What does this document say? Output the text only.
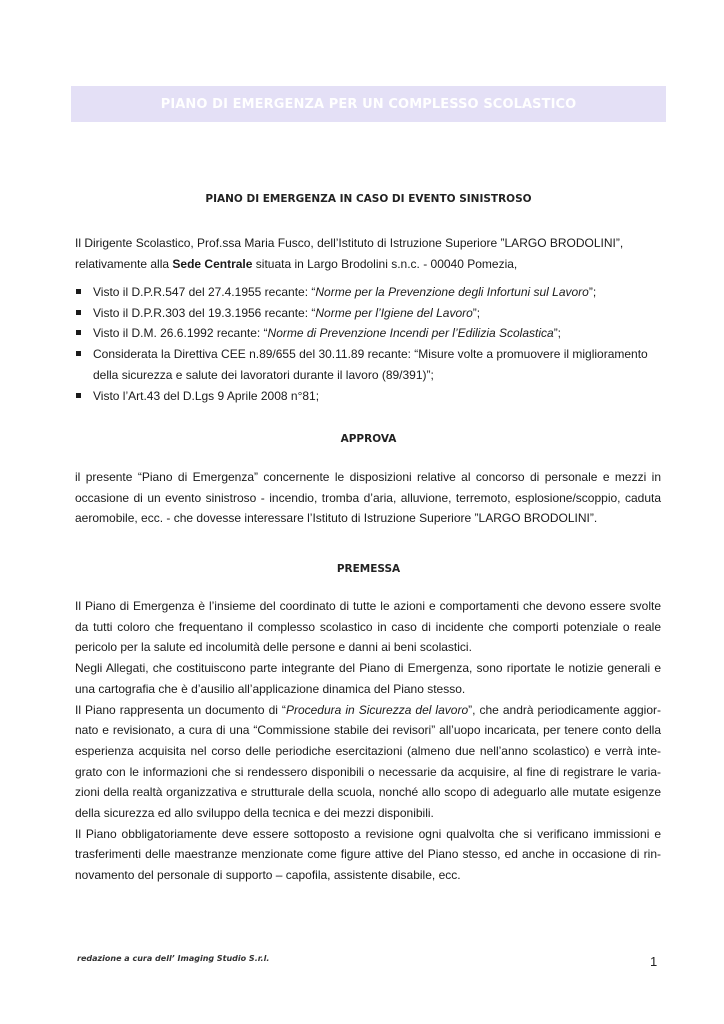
PIANO DI EMERGENZA PER UN COMPLESSO SCOLASTICO
PIANO DI EMERGENZA IN CASO DI EVENTO SINISTROSO
Il Dirigente Scolastico, Prof.ssa Maria Fusco, dell’Istituto di Istruzione Superiore ”LARGO BRODOLINI”, relativamente alla Sede Centrale situata in Largo Brodolini s.n.c. - 00040 Pomezia,
Visto il D.P.R.547 del 27.4.1955 recante: “Norme per la Prevenzione degli Infortuni sul Lavoro”;
Visto il D.P.R.303 del 19.3.1956 recante: “Norme per l’Igiene del Lavoro”;
Visto il D.M. 26.6.1992 recante: “Norme di Prevenzione Incendi per l’Edilizia Scolastica”;
Considerata la Direttiva CEE n.89/655 del 30.11.89 recante: “Misure volte a promuovere il miglioramento della sicurezza e salute dei lavoratori durante il lavoro (89/391)”;
Visto l’Art.43 del D.Lgs 9 Aprile 2008 n°81;
APPROVA
il presente “Piano di Emergenza” concernente le disposizioni relative al concorso di personale e mezzi in occasione di un evento sinistroso - incendio, tromba d’aria, alluvione, terremoto, esplosione/scoppio, caduta aeromobile, ecc. - che dovesse interessare l’Istituto di Istruzione Superiore ”LARGO BRODOLINI”.
PREMESSA

Il Piano di Emergenza è l’insieme del coordinato di tutte le azioni e comportamenti che devono essere svolte da tutti coloro che frequentano il complesso scolastico in caso di incidente che comporti potenziale o reale pericolo per la salute ed incolumità delle persone e danni ai beni scolastici.

Negli Allegati, che costituiscono parte integrante del Piano di Emergenza, sono riportate le notizie generali e una cartografia che è d’ausilio all’applicazione dinamica del Piano stesso.

Il Piano rappresenta un documento di “Procedura in Sicurezza del lavoro”, che andrà periodicamente aggiornato e revisionato, a cura di una “Commissione stabile dei revisori” all’uopo incaricata, per tenere conto della esperienza acquisita nel corso delle periodiche esercitazioni (almeno due nell’anno scolastico) e verrà integrato con le informazioni che si rendessero disponibili o necessarie da acquisire, al fine di registrare le variazioni della realtà organizzativa e strutturale della scuola, nonché allo scopo di adeguarlo alle mutate esigenze della sicurezza ed allo sviluppo della tecnica e dei mezzi disponibili.

Il Piano obbligatoriamente deve essere sottoposto a revisione ogni qualvolta che si verificano immissioni e trasferimenti delle maestranze menzionate come figure attive del Piano stesso, ed anche in occasione di rinnovamento del personale di supporto – capofila, assistente disabile, ecc.

redazione a cura dell’ Imaging Studio S.r.l.	1
